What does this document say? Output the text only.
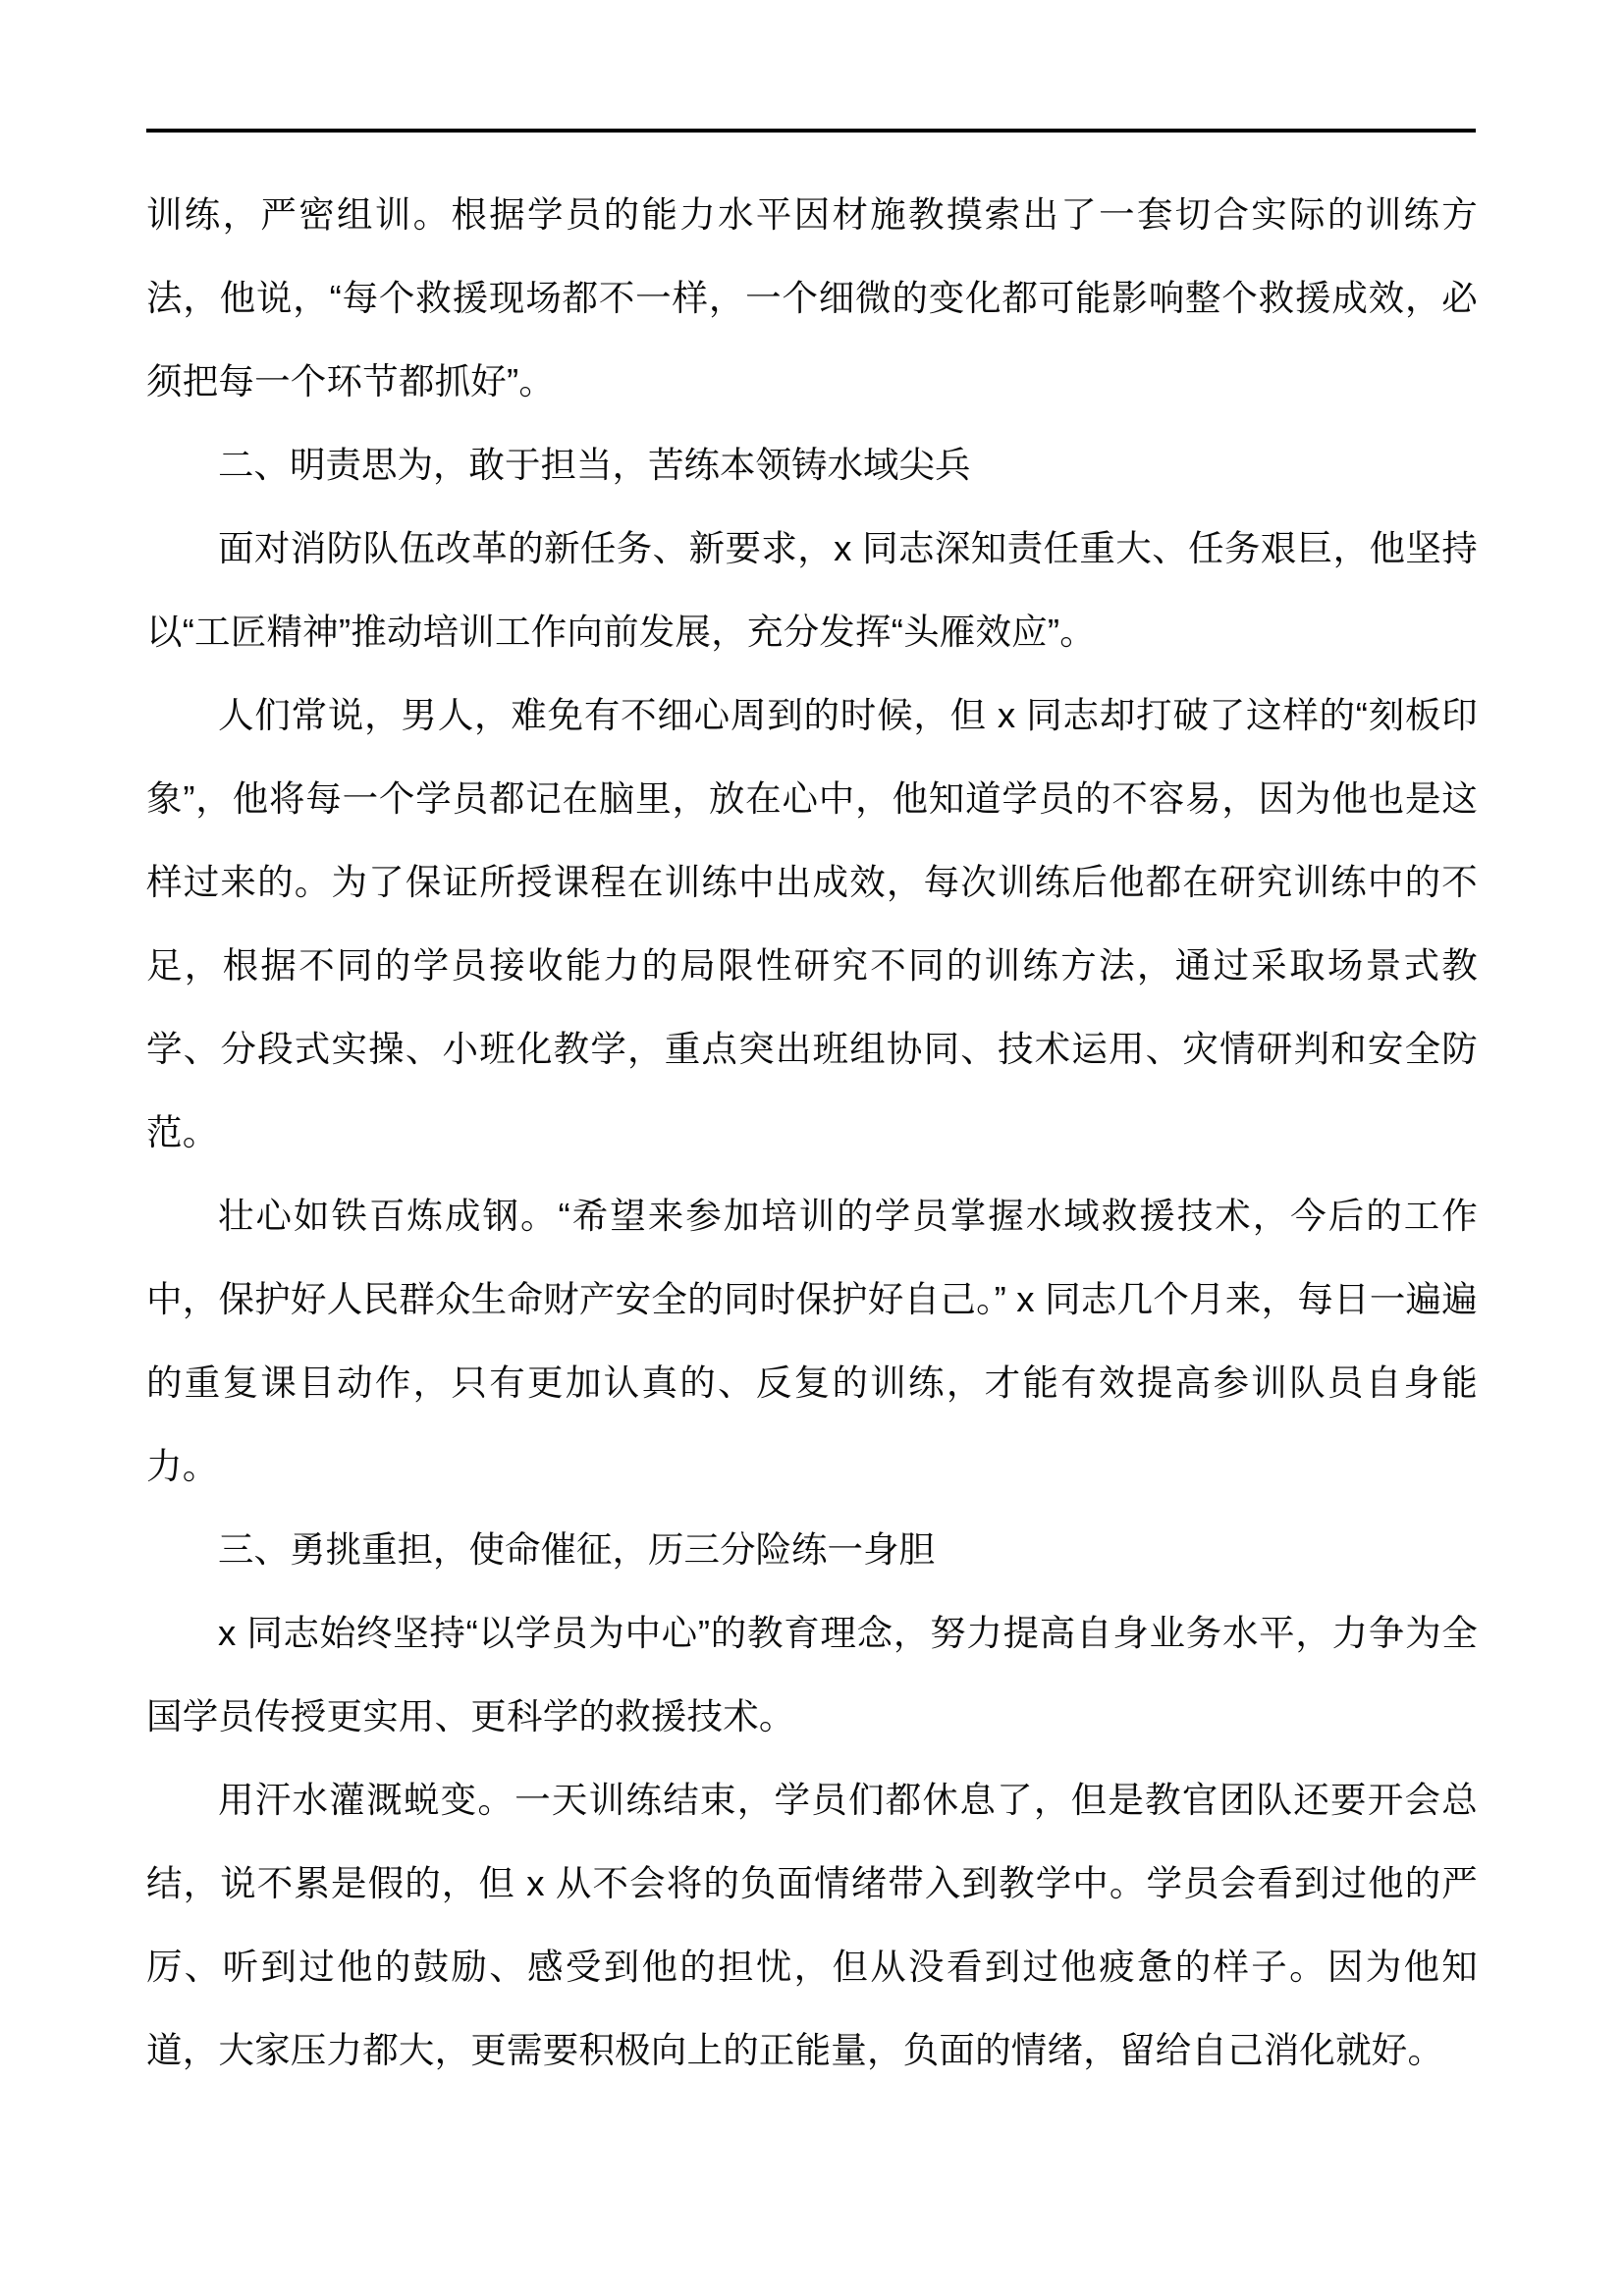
训练，严密组训。根据学员的能力水平因材施教摸索出了一套切合实际的训练方法，他说，“每个救援现场都不一样，一个细微的变化都可能影响整个救援成效，必须把每一个环节都抓好”。

二、明责思为，敢于担当，苦练本领铸水域尖兵

面对消防队伍改革的新任务、新要求，x 同志深知责任重大、任务艰巨，他坚持以“工匠精神”推动培训工作向前发展，充分发挥“头雁效应”。

人们常说，男人，难免有不细心周到的时候，但 x 同志却打破了这样的“刻板印象”，他将每一个学员都记在脑里，放在心中，他知道学员的不容易，因为他也是这样过来的。为了保证所授课程在训练中出成效，每次训练后他都在研究训练中的不足，根据不同的学员接收能力的局限性研究不同的训练方法，通过采取场景式教学、分段式实操、小班化教学，重点突出班组协同、技术运用、灾情研判和安全防范。

壮心如铁百炼成钢。“希望来参加培训的学员掌握水域救援技术，今后的工作中，保护好人民群众生命财产安全的同时保护好自己。” x 同志几个月来，每日一遍遍的重复课目动作，只有更加认真的、反复的训练，才能有效提高参训队员自身能力。

三、勇挑重担，使命催征，历三分险练一身胆

x 同志始终坚持“以学员为中心”的教育理念，努力提高自身业务水平，力争为全国学员传授更实用、更科学的救援技术。

用汗水灌溉蜕变。一天训练结束，学员们都休息了，但是教官团队还要开会总结，说不累是假的，但 x 从不会将的负面情绪带入到教学中。学员会看到过他的严厉、听到过他的鼓励、感受到他的担忧，但从没看到过他疲惫的样子。因为他知道，大家压力都大，更需要积极向上的正能量，负面的情绪，留给自己消化就好。
